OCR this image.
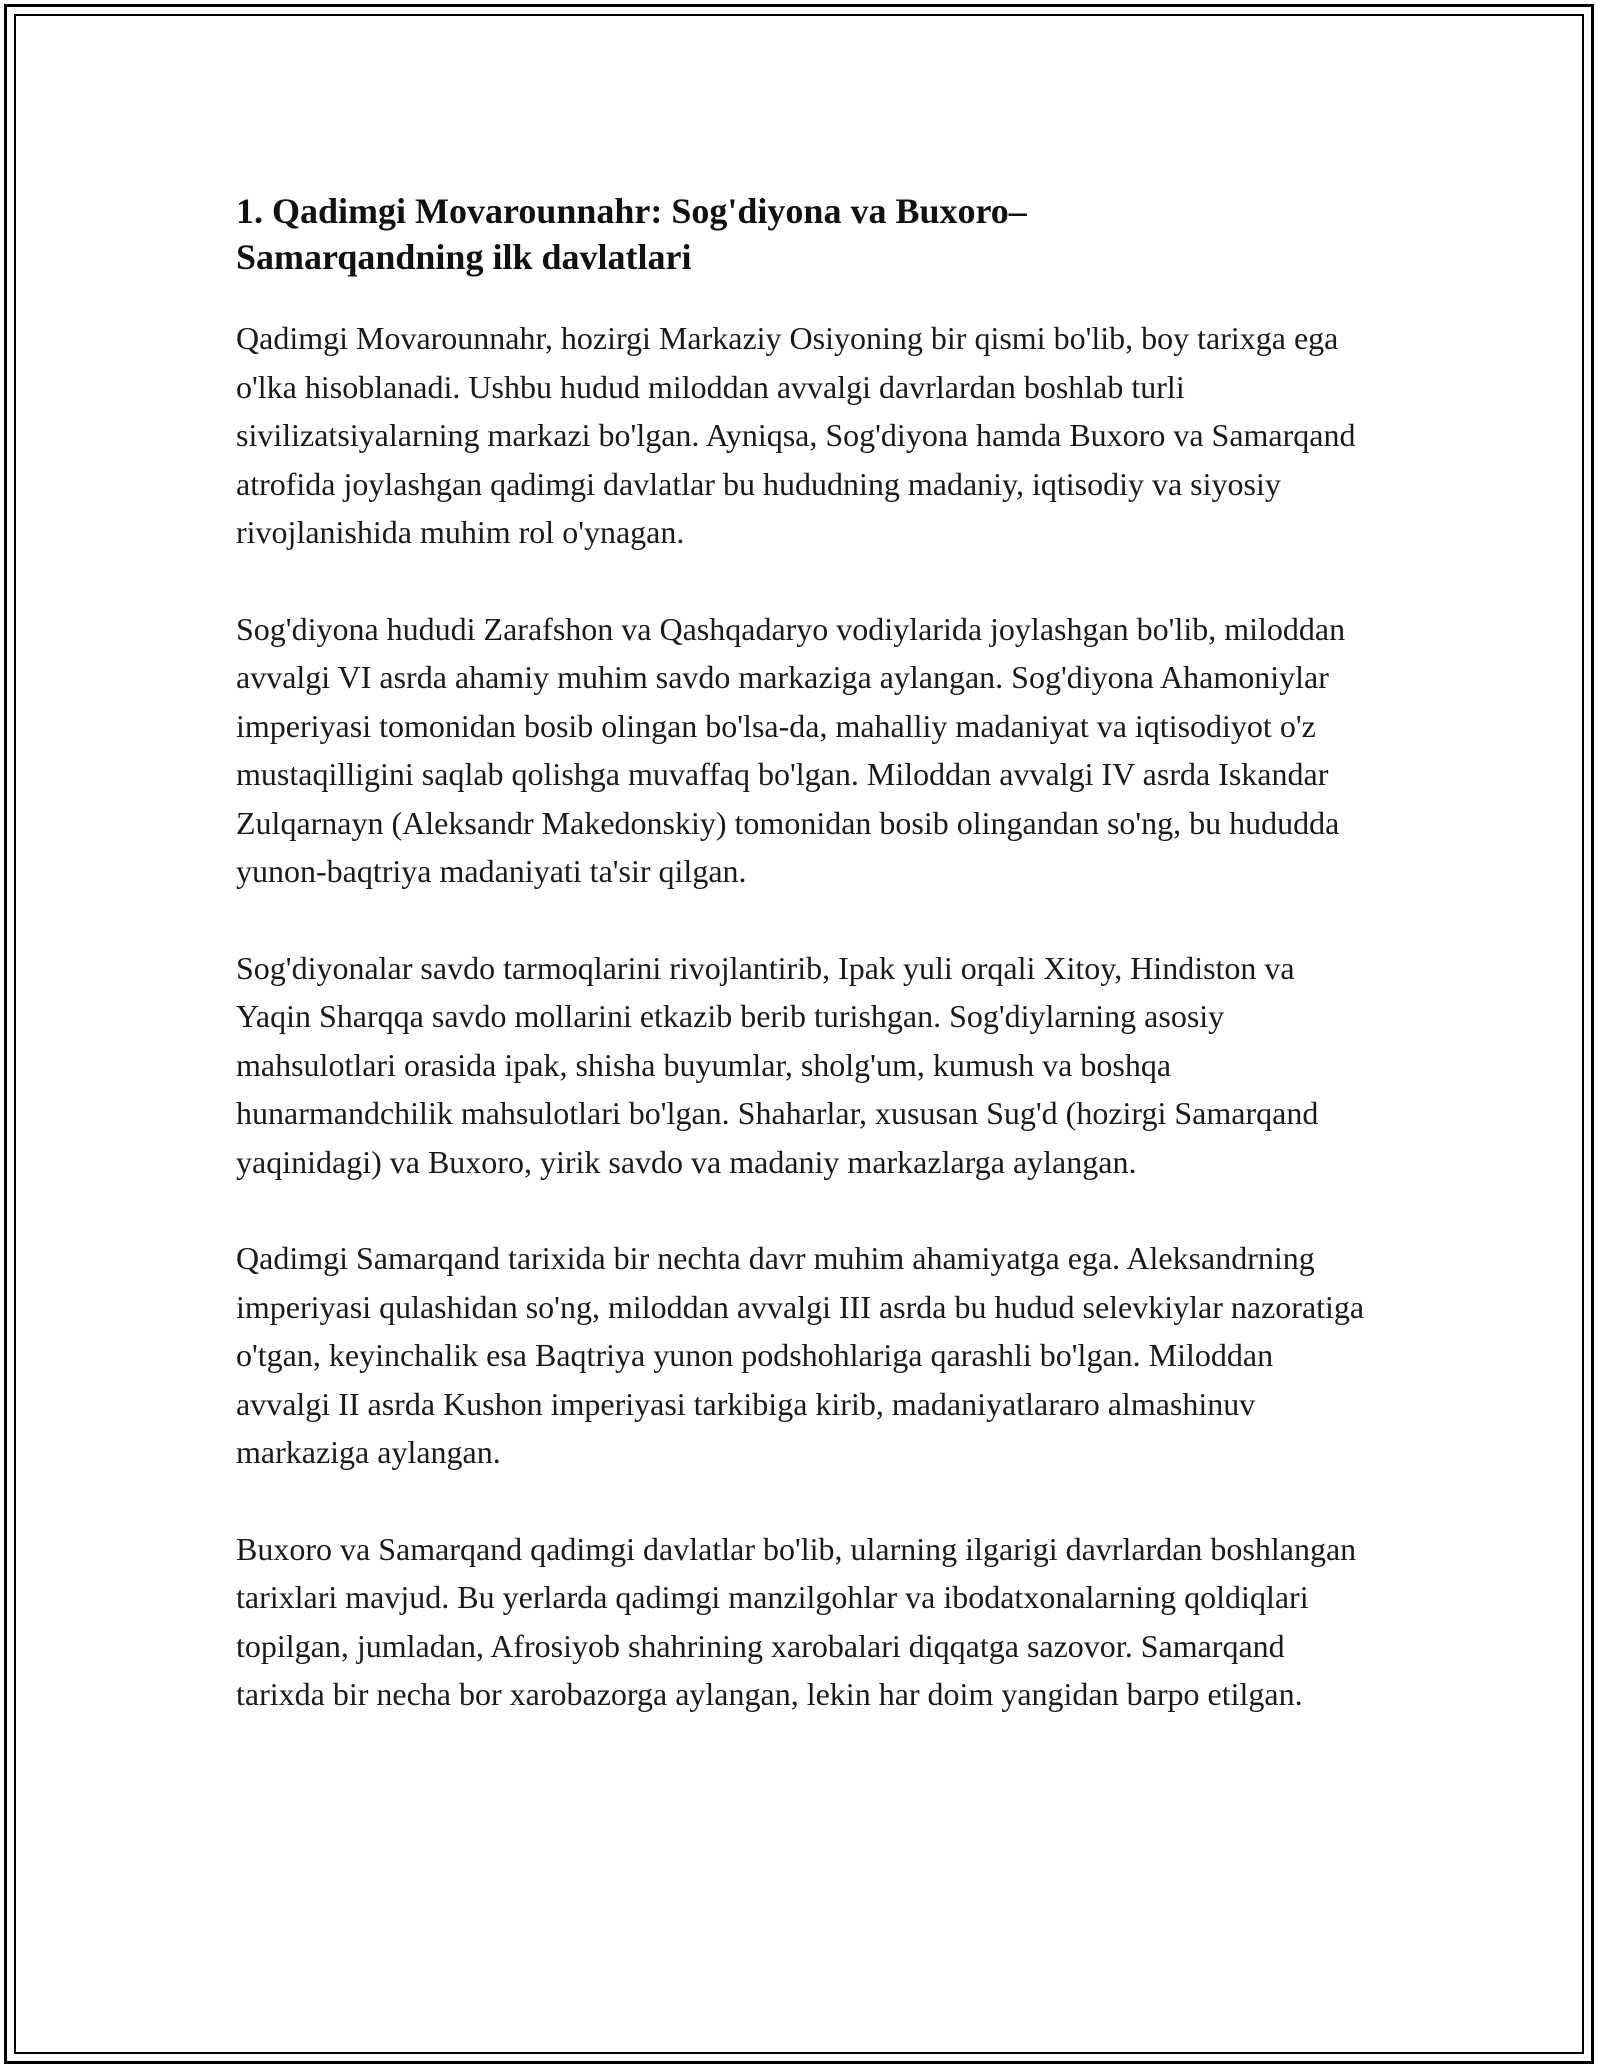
1. Qadimgi Movarounnahr: Sog'diyona va Buxoro–Samarqandning ilk davlatlari

Qadimgi Movarounnahr, hozirgi Markaziy Osiyoning bir qismi bo'lib, boy tarixga ega o'lka hisoblanadi. Ushbu hudud miloddan avvalgi davrlardan boshlab turli sivilizatsiyalarning markazi bo'lgan. Ayniqsa, Sog'diyona hamda Buxoro va Samarqand atrofida joylashgan qadimgi davlatlar bu hududning madaniy, iqtisodiy va siyosiy rivojlanishida muhim rol o'ynagan.

Sog'diyona hududi Zarafshon va Qashqadaryo vodiylarida joylashgan bo'lib, miloddan avvalgi VI asrda ahamiy muhim savdo markaziga aylangan. Sog'diyona Ahamoniylar imperiyasi tomonidan bosib olingan bo'lsa-da, mahalliy madaniyat va iqtisodiyot o'z mustaqilligini saqlab qolishga muvaffaq bo'lgan. Miloddan avvalgi IV asrda Iskandar Zulqarnayn (Aleksandr Makedonskiy) tomonidan bosib olingandan so'ng, bu hududda yunon-baqtriya madaniyati ta'sir qilgan.

Sog'diyonalar savdo tarmoqlarini rivojlantirib, Ipak yuli orqali Xitoy, Hindiston va Yaqin Sharqqa savdo mollarini etkazib berib turishgan. Sog'diylarning asosiy mahsulotlari orasida ipak, shisha buyumlar, sholg'um, kumush va boshqa hunarmandchilik mahsulotlari bo'lgan. Shaharlar, xususan Sug'd (hozirgi Samarqand yaqinidagi) va Buxoro, yirik savdo va madaniy markazlarga aylangan.

Qadimgi Samarqand tarixida bir nechta davr muhim ahamiyatga ega. Aleksandrning imperiyasi qulashidan so'ng, miloddan avvalgi III asrda bu hudud selevkiylar nazoratiga o'tgan, keyinchalik esa Baqtriya yunon podshohlariga qarashli bo'lgan. Miloddan avvalgi II asrda Kushon imperiyasi tarkibiga kirib, madaniyatlararo almashinuv markaziga aylangan.

Buxoro va Samarqand qadimgi davlatlar bo'lib, ularning ilgarigi davrlardan boshlangan tarixlari mavjud. Bu yerlarda qadimgi manzilgohlar va ibodatxonalarning qoldiqlari topilgan, jumladan, Afrosiyob shahrining xarobalari diqqatga sazovor. Samarqand tarixda bir necha bor xarobazorga aylangan, lekin har doim yangidan barpo etilgan.
